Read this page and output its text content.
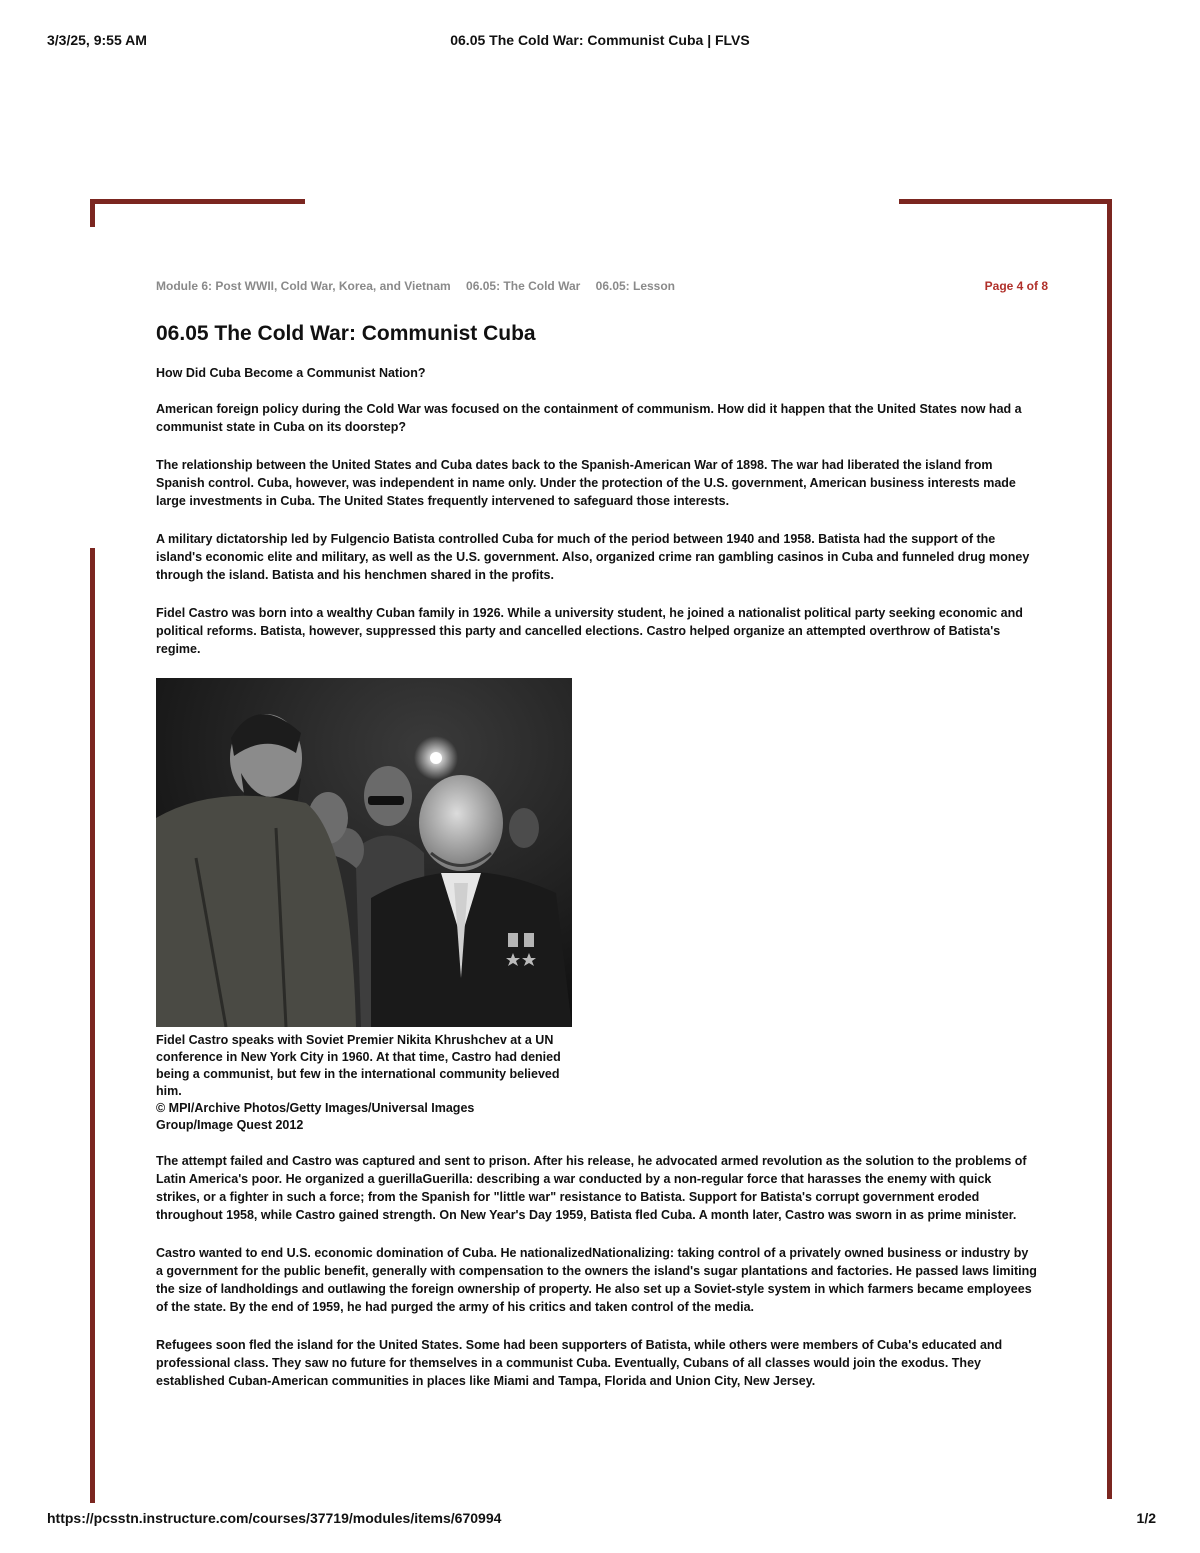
3/3/25, 9:55 AM	06.05 The Cold War: Communist Cuba | FLVS
Module 6: Post WWII, Cold War, Korea, and Vietnam 06.05: The Cold War 06.05: Lesson	Page 4 of 8
06.05 The Cold War: Communist Cuba
How Did Cuba Become a Communist Nation?

American foreign policy during the Cold War was focused on the containment of communism. How did it happen that the United States now had a communist state in Cuba on its doorstep?

The relationship between the United States and Cuba dates back to the Spanish-American War of 1898. The war had liberated the island from Spanish control. Cuba, however, was independent in name only. Under the protection of the U.S. government, American business interests made large investments in Cuba. The United States frequently intervened to safeguard those interests.

A military dictatorship led by Fulgencio Batista controlled Cuba for much of the period between 1940 and 1958. Batista had the support of the island's economic elite and military, as well as the U.S. government. Also, organized crime ran gambling casinos in Cuba and funneled drug money through the island. Batista and his henchmen shared in the profits.

Fidel Castro was born into a wealthy Cuban family in 1926. While a university student, he joined a nationalist political party seeking economic and political reforms. Batista, however, suppressed this party and cancelled elections. Castro helped organize an attempted overthrow of Batista's regime.

Fidel Castro speaks with Soviet Premier Nikita Khrushchev at a UN conference in New York City in 1960. At that time, Castro had denied being a communist, but few in the international community believed him.
© MPI/Archive Photos/Getty Images/Universal Images
Group/Image Quest 2012

The attempt failed and Castro was captured and sent to prison. After his release, he advocated armed revolution as the solution to the problems of Latin America's poor. He organized a guerillaGuerilla: describing a war conducted by a non-regular force that harasses the enemy with quick strikes, or a fighter in such a force; from the Spanish for "little war" resistance to Batista. Support for Batista's corrupt government eroded throughout 1958, while Castro gained strength. On New Year's Day 1959, Batista fled Cuba. A month later, Castro was sworn in as prime minister.

Castro wanted to end U.S. economic domination of Cuba. He nationalizedNationalizing: taking control of a privately owned business or industry by a government for the public benefit, generally with compensation to the owners the island's sugar plantations and factories. He passed laws limiting the size of landholdings and outlawing the foreign ownership of property. He also set up a Soviet-style system in which farmers became employees of the state. By the end of 1959, he had purged the army of his critics and taken control of the media.

Refugees soon fled the island for the United States. Some had been supporters of Batista, while others were members of Cuba's educated and professional class. They saw no future for themselves in a communist Cuba. Eventually, Cubans of all classes would join the exodus. They established Cuban-American communities in places like Miami and Tampa, Florida and Union City, New Jersey.

https://pcsstn.instructure.com/courses/37719/modules/items/670994	1/2
